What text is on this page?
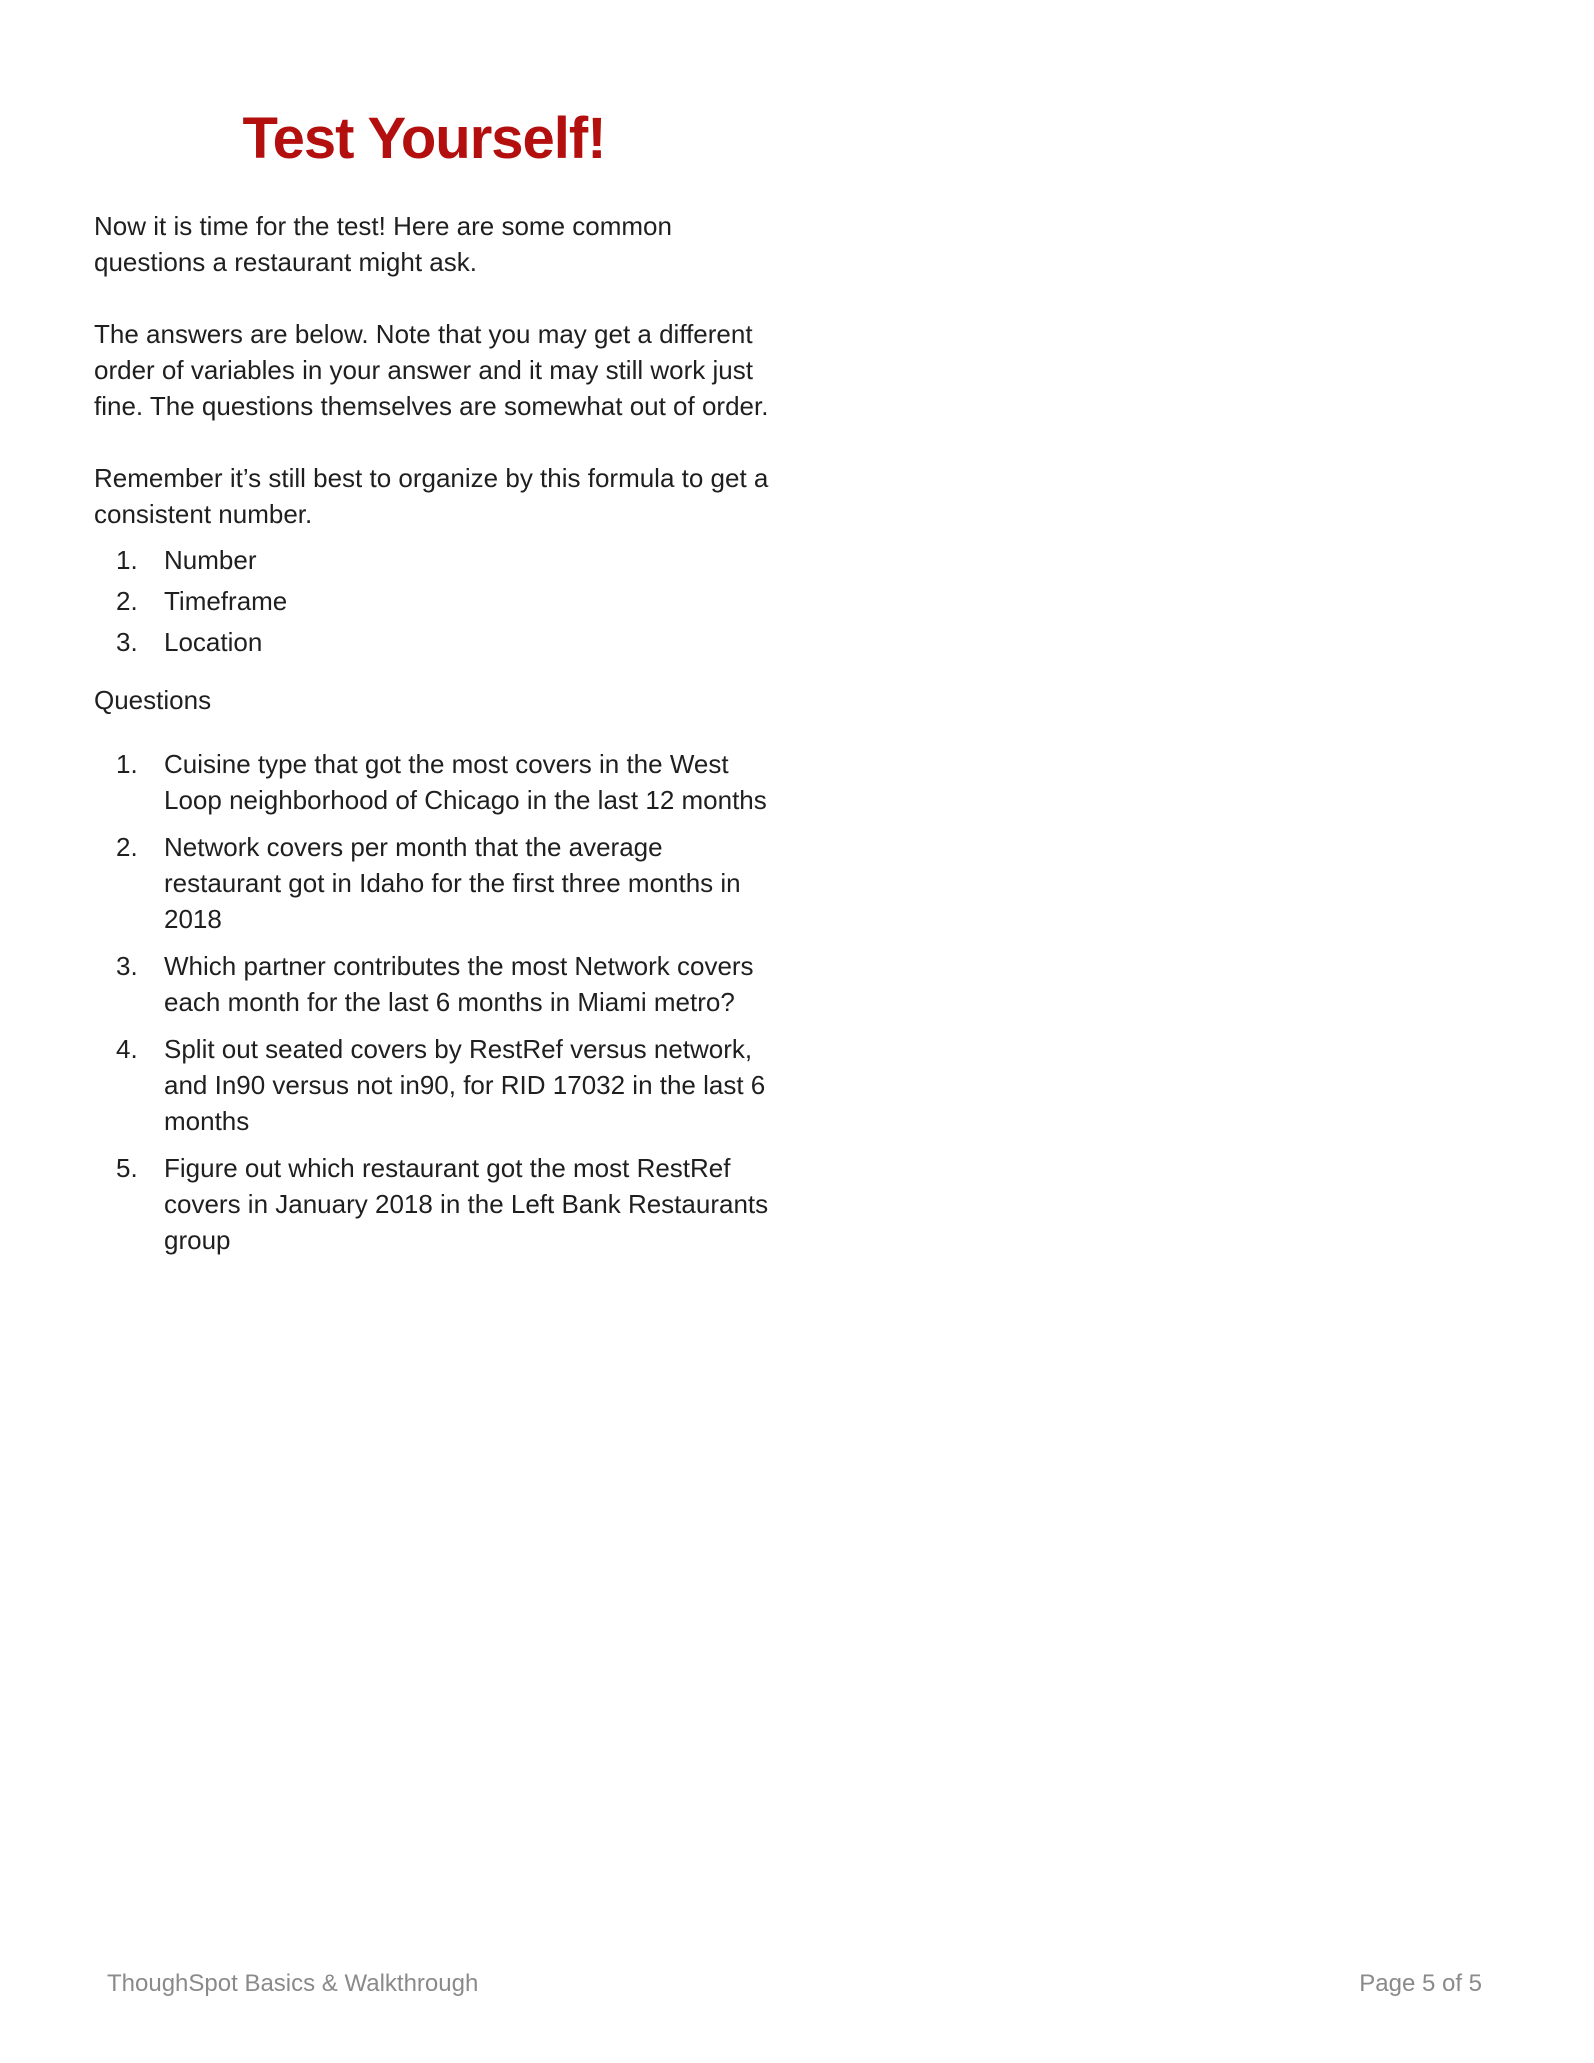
Test Yourself!

Now it is time for the test! Here are some common questions a restaurant might ask.

The answers are below. Note that you may get a different order of variables in your answer and it may still work just fine. The questions themselves are somewhat out of order.

Remember it’s still best to organize by this formula to get a consistent number.

1. Number
2. Timeframe
3. Location

Questions

1. Cuisine type that got the most covers in the West Loop neighborhood of Chicago in the last 12 months
2. Network covers per month that the average restaurant got in Idaho for the first three months in 2018
3. Which partner contributes the most Network covers each month for the last 6 months in Miami metro?
4. Split out seated covers by RestRef versus network, and In90 versus not in90, for RID 17032 in the last 6 months
5. Figure out which restaurant got the most RestRef covers in January 2018 in the Left Bank Restaurants group
ThoughSpot Basics & Walkthrough	Page 5 of 5
